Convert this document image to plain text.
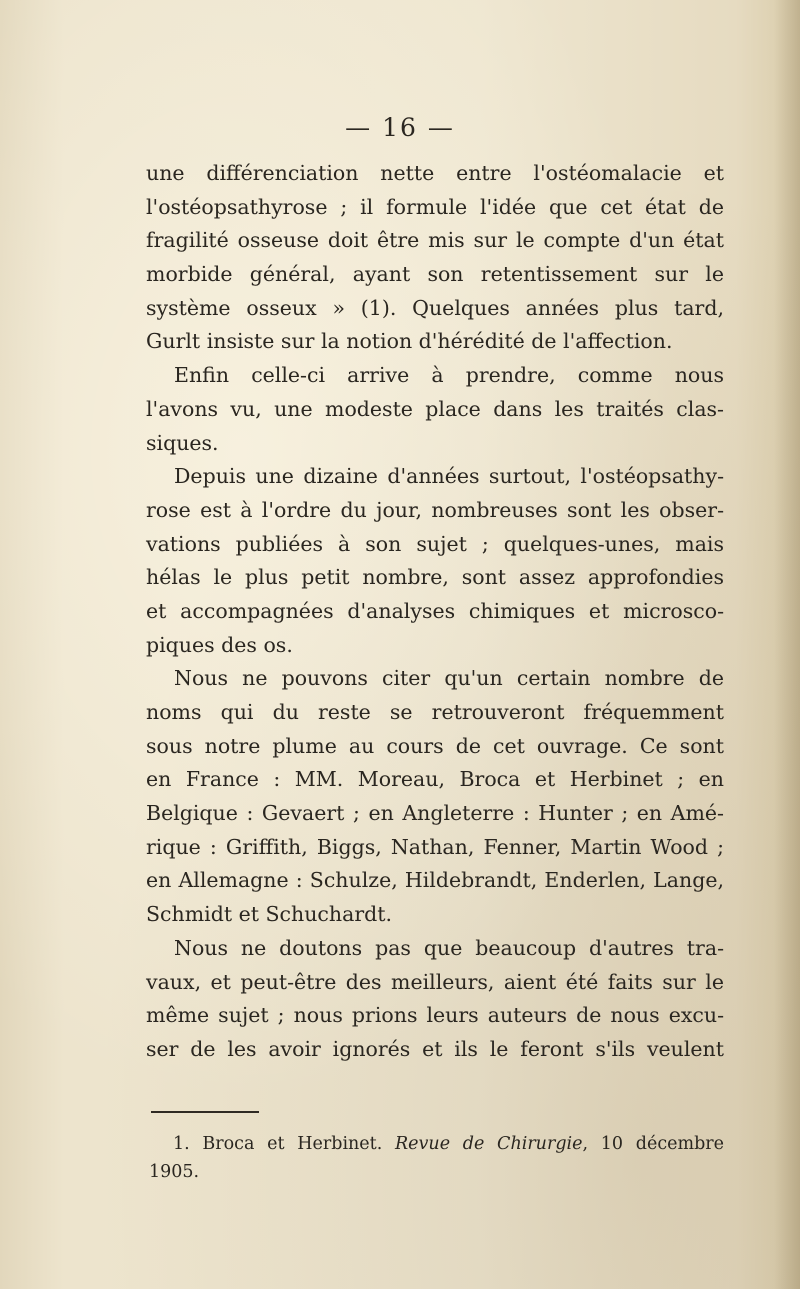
— 16 —
une différenciation nette entre l'ostéomalacie et
l'ostéopsathyrose ; il formule l'idée que cet état de
fragilité osseuse doit être mis sur le compte d'un état
morbide général, ayant son retentissement sur le
système osseux » (1). Quelques années plus tard,
Gurlt insiste sur la notion d'hérédité de l'affection.
Enfin celle-ci arrive à prendre, comme nous
l'avons vu, une modeste place dans les traités clas-
siques.
Depuis une dizaine d'années surtout, l'ostéopsathy-
rose est à l'ordre du jour, nombreuses sont les obser-
vations publiées à son sujet ; quelques-unes, mais
hélas le plus petit nombre, sont assez approfondies
et accompagnées d'analyses chimiques et microsco-
piques des os.
Nous ne pouvons citer qu'un certain nombre de
noms qui du reste se retrouveront fréquemment
sous notre plume au cours de cet ouvrage. Ce sont
en France : MM. Moreau, Broca et Herbinet ; en
Belgique : Gevaert ; en Angleterre : Hunter ; en Amé-
rique : Griffith, Biggs, Nathan, Fenner, Martin Wood ;
en Allemagne : Schulze, Hildebrandt, Enderlen, Lange,
Schmidt et Schuchardt.
Nous ne doutons pas que beaucoup d'autres tra-
vaux, et peut-être des meilleurs, aient été faits sur le
même sujet ; nous prions leurs auteurs de nous excu-
ser de les avoir ignorés et ils le feront s'ils veulent
1. Broca et Herbinet. Revue de Chirurgie, 10 décembre
1905.
